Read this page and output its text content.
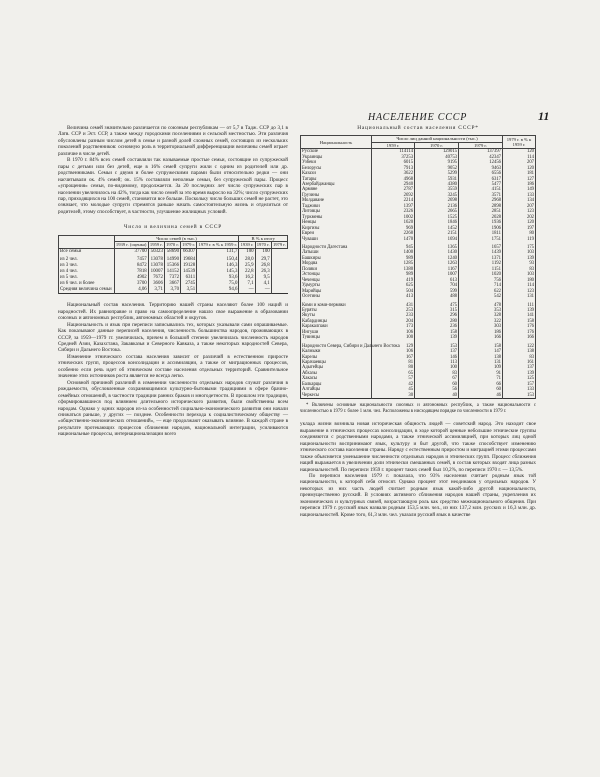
НАСЕЛЕНИЕ СССР	11

Величина семей значительно различается по союзным республикам — от 5,7 в Тадж. ССР до 3,1 в Латв. ССР и Эст. ССР, а также между городскими поселениями и сельской местностью. Эти различия обусловлены разным числом детей в семье и разной долей сложных семей, состоящих из нескольких поколений родственников: основную роль в территориальной дифференциации величины семей играет различие в числе детей.

В 1970 г. 84% всех семей составляли так называемые простые семьи, состоящие из супружеской пары с детьми или без детей, еще в 16% семей супруги жили с одним из родителей или др. родственниками. Семьи с двумя и более супружескими парами были относительно редки — они насчитывали ок. 4% семей; ок. 15% составляли неполные семьи, без супружеской пары. Процесс «упрощения» семьи, по-видимому, продолжается. За 20 последних лет число супружеских пар в населении увеличилось на 42%, тогда как число семей за это время выросло на 32%; число супружеских пар, приходящихся на 100 семей, становится все больше. Поскольку число больших семей не растет, это означает, что молодые супруги стремятся раньше начать самостоятельную жизнь и отделиться от родителей, этому способствует, в частности, улучшение жилищных условий.

Число и величина семей в СССР
	Число семей (в тыс.)					В % к итогу		
	1939 г. (оценка)	1959 г.	1970 г.	1979 г.	1979 г. в % к 1959 г.	1939 г.	1970 г.	1979 г.
Все семьи	37700	50323	58690	66307	131,7	100	100	
из 2 чел.	7457	13078	14990	19684	150,4	28,0	29,7	
из 3 чел.	8472	13078	15366	19128	146,3	25,9	26,8	
из 4 чел.	7818	10007	14152	14539	145,3	22,8	26,3	
из 5 чел.	4902	7672	7372	6311	93,6	16,2	9,5	
из 6 чел. и более	3700	3606	3667	2745	75,0	7,1	4,1	
Средняя величина семьи	4,06	3,71	3,70	3,51	94,6	—	—	

Национальный состав населения. Территорию нашей страны населяют более 100 наций и народностей. Их равноправие и право на самоопределение нашло свое выражение в образовании союзных и автономных республик, автономных областей и округов.

Национальность и язык при переписи записывались тех, которых указывали сами опрашиваемые. Как показывают данные переписей населения, численность большинства народов, проживающих в СССР, за 1959—1979 гг. увеличилась, причем в большой степени увеличилась численность народов Средней Азии, Казахстана, Закавказья и Северного Кавказа, а также некоторых народностей Севера, Сибири и Дальнего Востока.

Изменение этнического состава населения зависит от различий в естественном приросте этнических групп, процессов консолидации и ассимиляции, а также от миграционных процессов, особенно если речь идет об этническом составе населения отдельных территорий. Сравнительное значение этих источников роста является не всегда легко.

Основной причиной различий в изменении численности отдельных народов служат различия в рождаемости, обусловленные сохраняющимися культурно-бытовыми традициями в сфере брачно-семейных отношений, в частности традиции ранних браков и многодетности. В прошлом эти традиции, сформировавшиеся под влиянием длительного исторического развития, были свойственны всем народам. Однако у одних народов из-за особенностей социально-экономического развития они начали снижаться раньше, у других — позднее. Особенности перехода к социалистическому обществу — «общественно-экономических отношений», — еще продолжают оказывать влияние. В каждой стране в результате протекающих процессов сближения народов, национальной интеграции, усиливаются национальные процессы, интернационализации всего

Национальный состав населения СССР*
Национальность	Число лиц данной национальности (тыс.)			1979 г. в % к 1959 г.
	1959 г.	1970 г.	1979 г.	
Русские	114114	129015	137397	120
Украинцы	37253	40753	42347	114
Узбеки	6015	9195	12456	207
Белорусы	7913	9052	9463	120
Казахи	3622	5299	6556	181
Татары	4968	5931	6317	127
Азербайджанцы	2940	4380	5477	186
Армяне	2787	3559	4151	149
Грузины	2692	3245	3571	133
Молдаване	2214	2698	2968	134
Таджики	1397	2136	2898	207
Литовцы	2326	2665	2851	123
Туркмены	1002	1525	2028	202
Немцы	1620	1846	1936	120
Киргизы	969	1452	1906	197
Евреи	2268	2151	1811	80
Чуваши	1470	1694	1751	119
Народности Дагестана	945	1365	1657	175
Латыши	1400	1430	1439	103
Башкиры	989	1240	1371	139
Мордва	1285	1263	1192	93
Поляки	1380	1167	1151	83
Эстонцы	989	1007	1020	103
Чеченцы	419	613	756	180
Удмурты	625	704	714	114
Марийцы	504	599	622	123
Осетины	413	488	542	131
Коми и коми-пермяки	431	475	478	111
Буряты	253	315	353	139
Якуты	233	296	328	141
Кабардинцы	204	280	322	158
Каракалпаки	173	236	303	176
Ингуши	106	158	186	176
Тувинцы	100	139	166	166
Народности Севера, Сибири и Дальнего Востока	129	153	158	122
Калмыки	106	137	147	138
Карелы	167	146	138	83
Карачаевцы	81	113	131	161
Адыгейцы	80	100	109	137
Абхазы	65	83	91	139
Хакасы	57	67	71	125
Балкарцы	42	60	66	157
Алтайцы	45	56	60	133
Черкесы	30	40	46	153
* Включены основные национальности союзных и автономных республик, а также национальности с численностью в 1979 г. более 1 млн. чел. Расположены в нисходящем порядке по численности в 1979 г.

уклада жизни возникла новая историческая общность людей — советский народ. Это находит свое выражение в этнических процессах консолидации, в ходе которой ценные небольшие этнические группы соединяются с родственными народами, а также этнической ассимиляцией, при которых лиц одной национальности воспринимают язык, культуру и быт другой, что также способствует изменению этнического состава населения страны. Наряду с естественным приростом и миграцией этими процессами также объясняется уменьшение численности отдельных народов и этнических групп. Процесс сближения наций выражается в увеличении доли этнически смешанных семей, в состав которых входят лица разных национальностей. По переписи 1959 г. процент таких семей был 10,2%, по переписи 1970 г. — 13,5%.

По переписи населения 1979 г. показала, что 93% населения считает родным язык той национальности, к которой себя относят. Однако процент этот неодинаков у отдельных народов. У некоторых из них часть людей считает родным язык какой-либо другой национальности, преимущественно русский. В условиях активного сближения народов нашей страны, укрепления их экономических и культурных связей, возрастающую роль как средство межнационального общения. При переписи 1979 г. русский язык назвали родным 153,5 млн. чел., из них 137,2 млн. русских и 16,3 млн. др. национальностей. Кроме того, 61,3 млн. чел. указали русский язык в качестве
